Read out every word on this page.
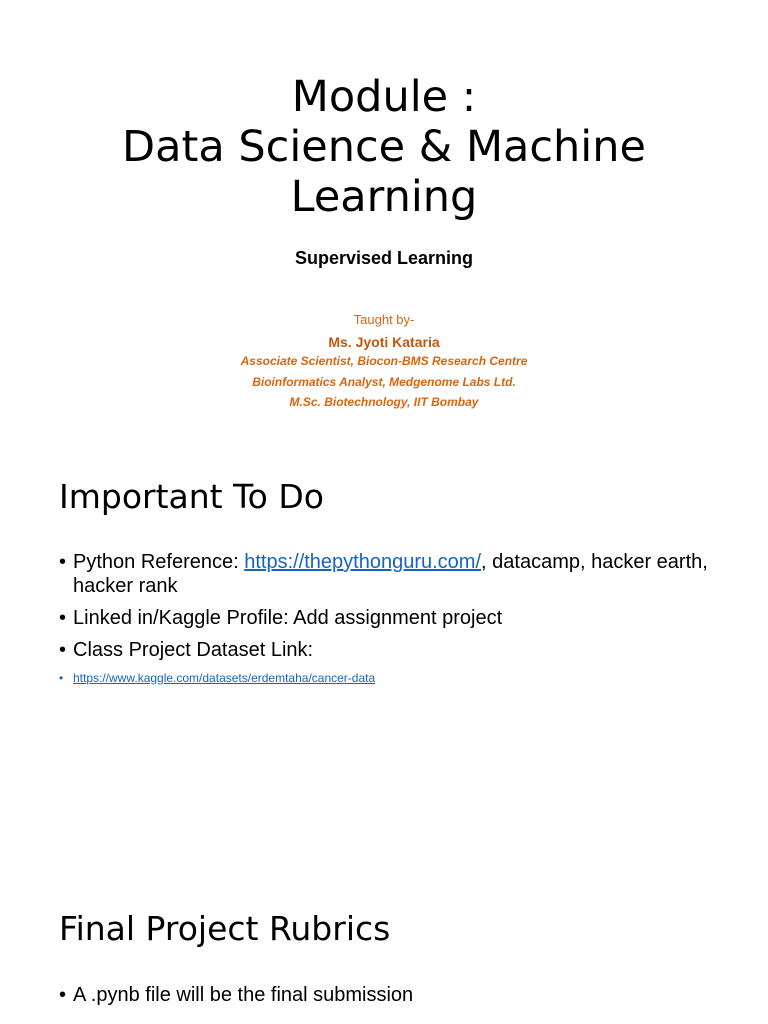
Module :
Data Science & Machine
Learning
Supervised Learning
Taught by-
Ms. Jyoti Kataria
Associate Scientist, Biocon-BMS Research Centre
Bioinformatics Analyst, Medgenome Labs Ltd.
M.Sc. Biotechnology, IIT Bombay
Important To Do
• Python Reference: https://thepythonguru.com/, datacamp, hacker earth, hacker rank
• Linked in/Kaggle Profile: Add assignment project
• Class Project Dataset Link:
• https://www.kaggle.com/datasets/erdemtaha/cancer-data
Final Project Rubrics
• A .pynb file will be the final submission
